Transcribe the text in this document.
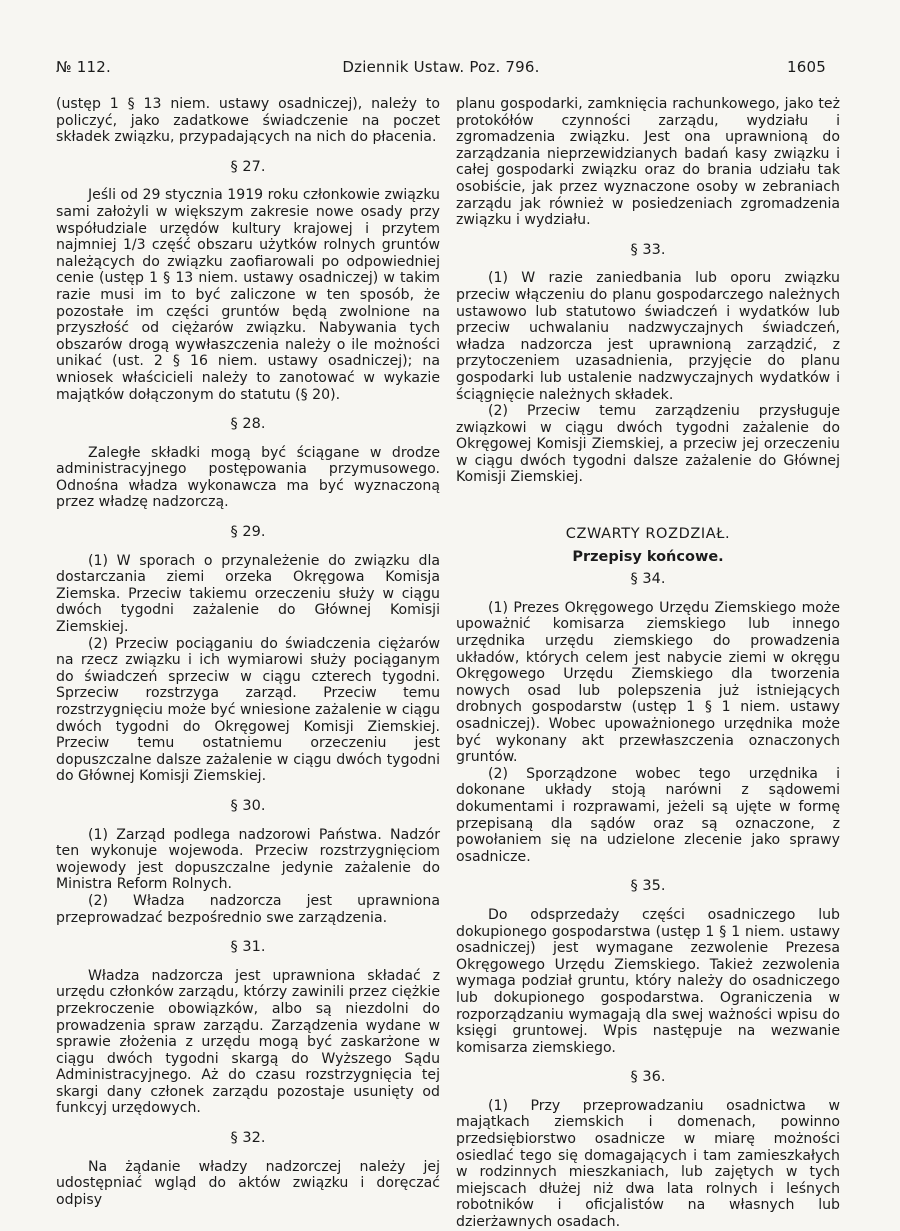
№ 112.	Dziennik Ustaw. Poz. 796.	1605

(ustęp 1 § 13 niem. ustawy osadniczej), należy to policzyć, jako zadatkowe świadczenie na poczet składek związku, przypadających na nich do płacenia.

§ 27.

Jeśli od 29 stycznia 1919 roku członkowie związku sami założyli w większym zakresie nowe osady przy współudziale urzędów kultury krajowej i przytem najmniej 1/3 część obszaru użytków rolnych gruntów należących do związku zaofiarowali po odpowiedniej cenie (ustęp 1 § 13 niem. ustawy osadniczej) w takim razie musi im to być zaliczone w ten sposób, że pozostałe im części gruntów będą zwolnione na przyszłość od ciężarów związku. Nabywania tych obszarów drogą wywłaszczenia należy o ile możności unikać (ust. 2 § 16 niem. ustawy osadniczej); na wniosek właścicieli należy to zanotować w wykazie majątków dołączonym do statutu (§ 20).

§ 28.

Zaległe składki mogą być ściągane w drodze administracyjnego postępowania przymusowego. Odnośna władza wykonawcza ma być wyznaczoną przez władzę nadzorczą.

§ 29.

(1) W sporach o przynależenie do związku dla dostarczania ziemi orzeka Okręgowa Komisja Ziemska. Przeciw takiemu orzeczeniu służy w ciągu dwóch tygodni zażalenie do Głównej Komisji Ziemskiej.

(2) Przeciw pociąganiu do świadczenia ciężarów na rzecz związku i ich wymiarowi służy pociąganym do świadczeń sprzeciw w ciągu czterech tygodni. Sprzeciw rozstrzyga zarząd. Przeciw temu rozstrzygnięciu może być wniesione zażalenie w ciągu dwóch tygodni do Okręgowej Komisji Ziemskiej. Przeciw temu ostatniemu orzeczeniu jest dopuszczalne dalsze zażalenie w ciągu dwóch tygodni do Głównej Komisji Ziemskiej.

§ 30.

(1) Zarząd podlega nadzorowi Państwa. Nadzór ten wykonuje wojewoda. Przeciw rozstrzygnięciom wojewody jest dopuszczalne jedynie zażalenie do Ministra Reform Rolnych.

(2) Władza nadzorcza jest uprawniona przeprowadzać bezpośrednio swe zarządzenia.

§ 31.

Władza nadzorcza jest uprawniona składać z urzędu członków zarządu, którzy zawinili przez ciężkie przekroczenie obowiązków, albo są niezdolni do prowadzenia spraw zarządu. Zarządzenia wydane w sprawie złożenia z urzędu mogą być zaskarżone w ciągu dwóch tygodni skargą do Wyższego Sądu Administracyjnego. Aż do czasu rozstrzygnięcia tej skargi dany członek zarządu pozostaje usunięty od funkcyj urzędowych.

§ 32.

Na żądanie władzy nadzorczej należy jej udostępniać wgląd do aktów związku i doręczać odpisy

planu gospodarki, zamknięcia rachunkowego, jako też protokółów czynności zarządu, wydziału i zgromadzenia związku. Jest ona uprawnioną do zarządzania nieprzewidzianych badań kasy związku i całej gospodarki związku oraz do brania udziału tak osobiście, jak przez wyznaczone osoby w zebraniach zarządu jak również w posiedzeniach zgromadzenia związku i wydziału.

§ 33.

(1) W razie zaniedbania lub oporu związku przeciw włączeniu do planu gospodarczego należnych ustawowo lub statutowo świadczeń i wydatków lub przeciw uchwalaniu nadzwyczajnych świadczeń, władza nadzorcza jest uprawnioną zarządzić, z przytoczeniem uzasadnienia, przyjęcie do planu gospodarki lub ustalenie nadzwyczajnych wydatków i ściągnięcie należnych składek.

(2) Przeciw temu zarządzeniu przysługuje związkowi w ciągu dwóch tygodni zażalenie do Okręgowej Komisji Ziemskiej, a przeciw jej orzeczeniu w ciągu dwóch tygodni dalsze zażalenie do Głównej Komisji Ziemskiej.

CZWARTY ROZDZIAŁ.
Przepisy końcowe.
§ 34.

(1) Prezes Okręgowego Urzędu Ziemskiego może upoważnić komisarza ziemskiego lub innego urzędnika urzędu ziemskiego do prowadzenia układów, których celem jest nabycie ziemi w okręgu Okręgowego Urzędu Ziemskiego dla tworzenia nowych osad lub polepszenia już istniejących drobnych gospodarstw (ustęp 1 § 1 niem. ustawy osadniczej). Wobec upoważnionego urzędnika może być wykonany akt przewłaszczenia oznaczonych gruntów.

(2) Sporządzone wobec tego urzędnika i dokonane układy stoją narówni z sądowemi dokumentami i rozprawami, jeżeli są ujęte w formę przepisaną dla sądów oraz są oznaczone, z powołaniem się na udzielone zlecenie jako sprawy osadnicze.

§ 35.

Do odsprzedaży części osadniczego lub dokupionego gospodarstwa (ustęp 1 § 1 niem. ustawy osadniczej) jest wymagane zezwolenie Prezesa Okręgowego Urzędu Ziemskiego. Takież zezwolenia wymaga podział gruntu, który należy do osadniczego lub dokupionego gospodarstwa. Ograniczenia w rozporządzaniu wymagają dla swej ważności wpisu do księgi gruntowej. Wpis następuje na wezwanie komisarza ziemskiego.

§ 36.

(1) Przy przeprowadzaniu osadnictwa w majątkach ziemskich i domenach, powinno przedsiębiorstwo osadnicze w miarę możności osiedlać tego się domagających i tam zamieszkałych w rodzinnych mieszkaniach, lub zajętych w tych miejscach dłużej niż dwa lata rolnych i leśnych robotników i oficjalistów na własnych lub dzierżawnych osadach.
